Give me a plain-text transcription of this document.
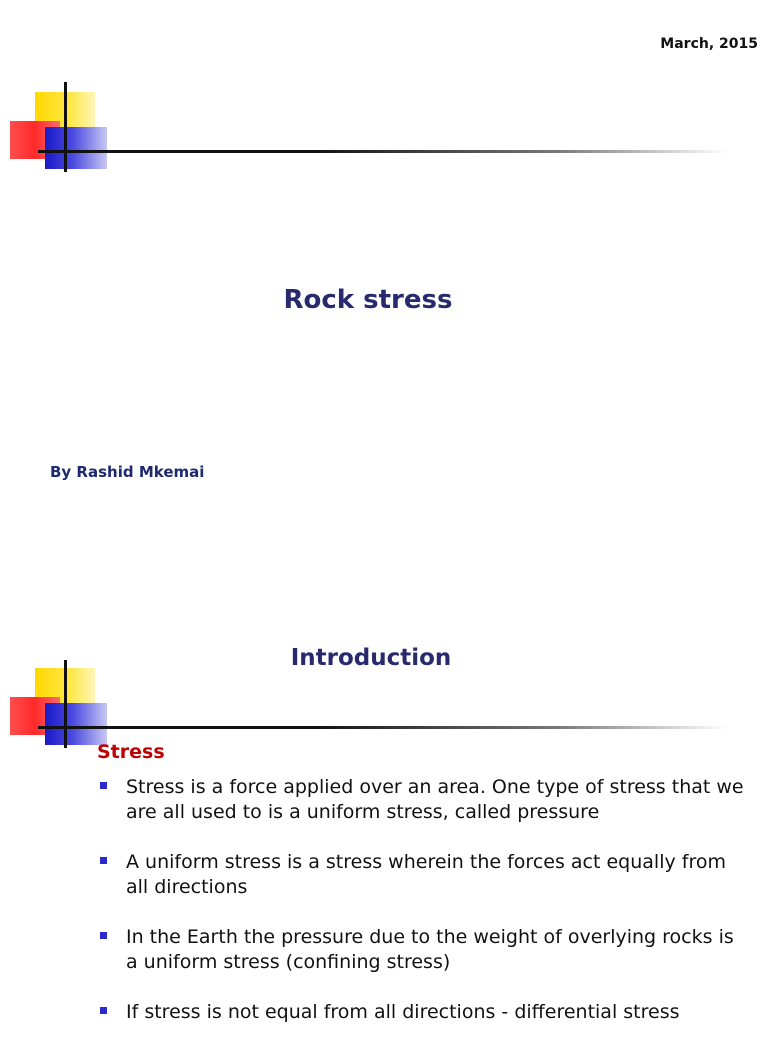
March, 2015
Rock stress
By Rashid Mkemai
Introduction
Stress
Stress is a force applied over an area. One type of stress that we are all used to is a uniform stress, called pressure
A uniform stress is a stress wherein the forces act equally from all directions
In the Earth the pressure due to the weight of overlying rocks is a uniform stress (confining stress)
If stress is not equal from all directions - differential stress
